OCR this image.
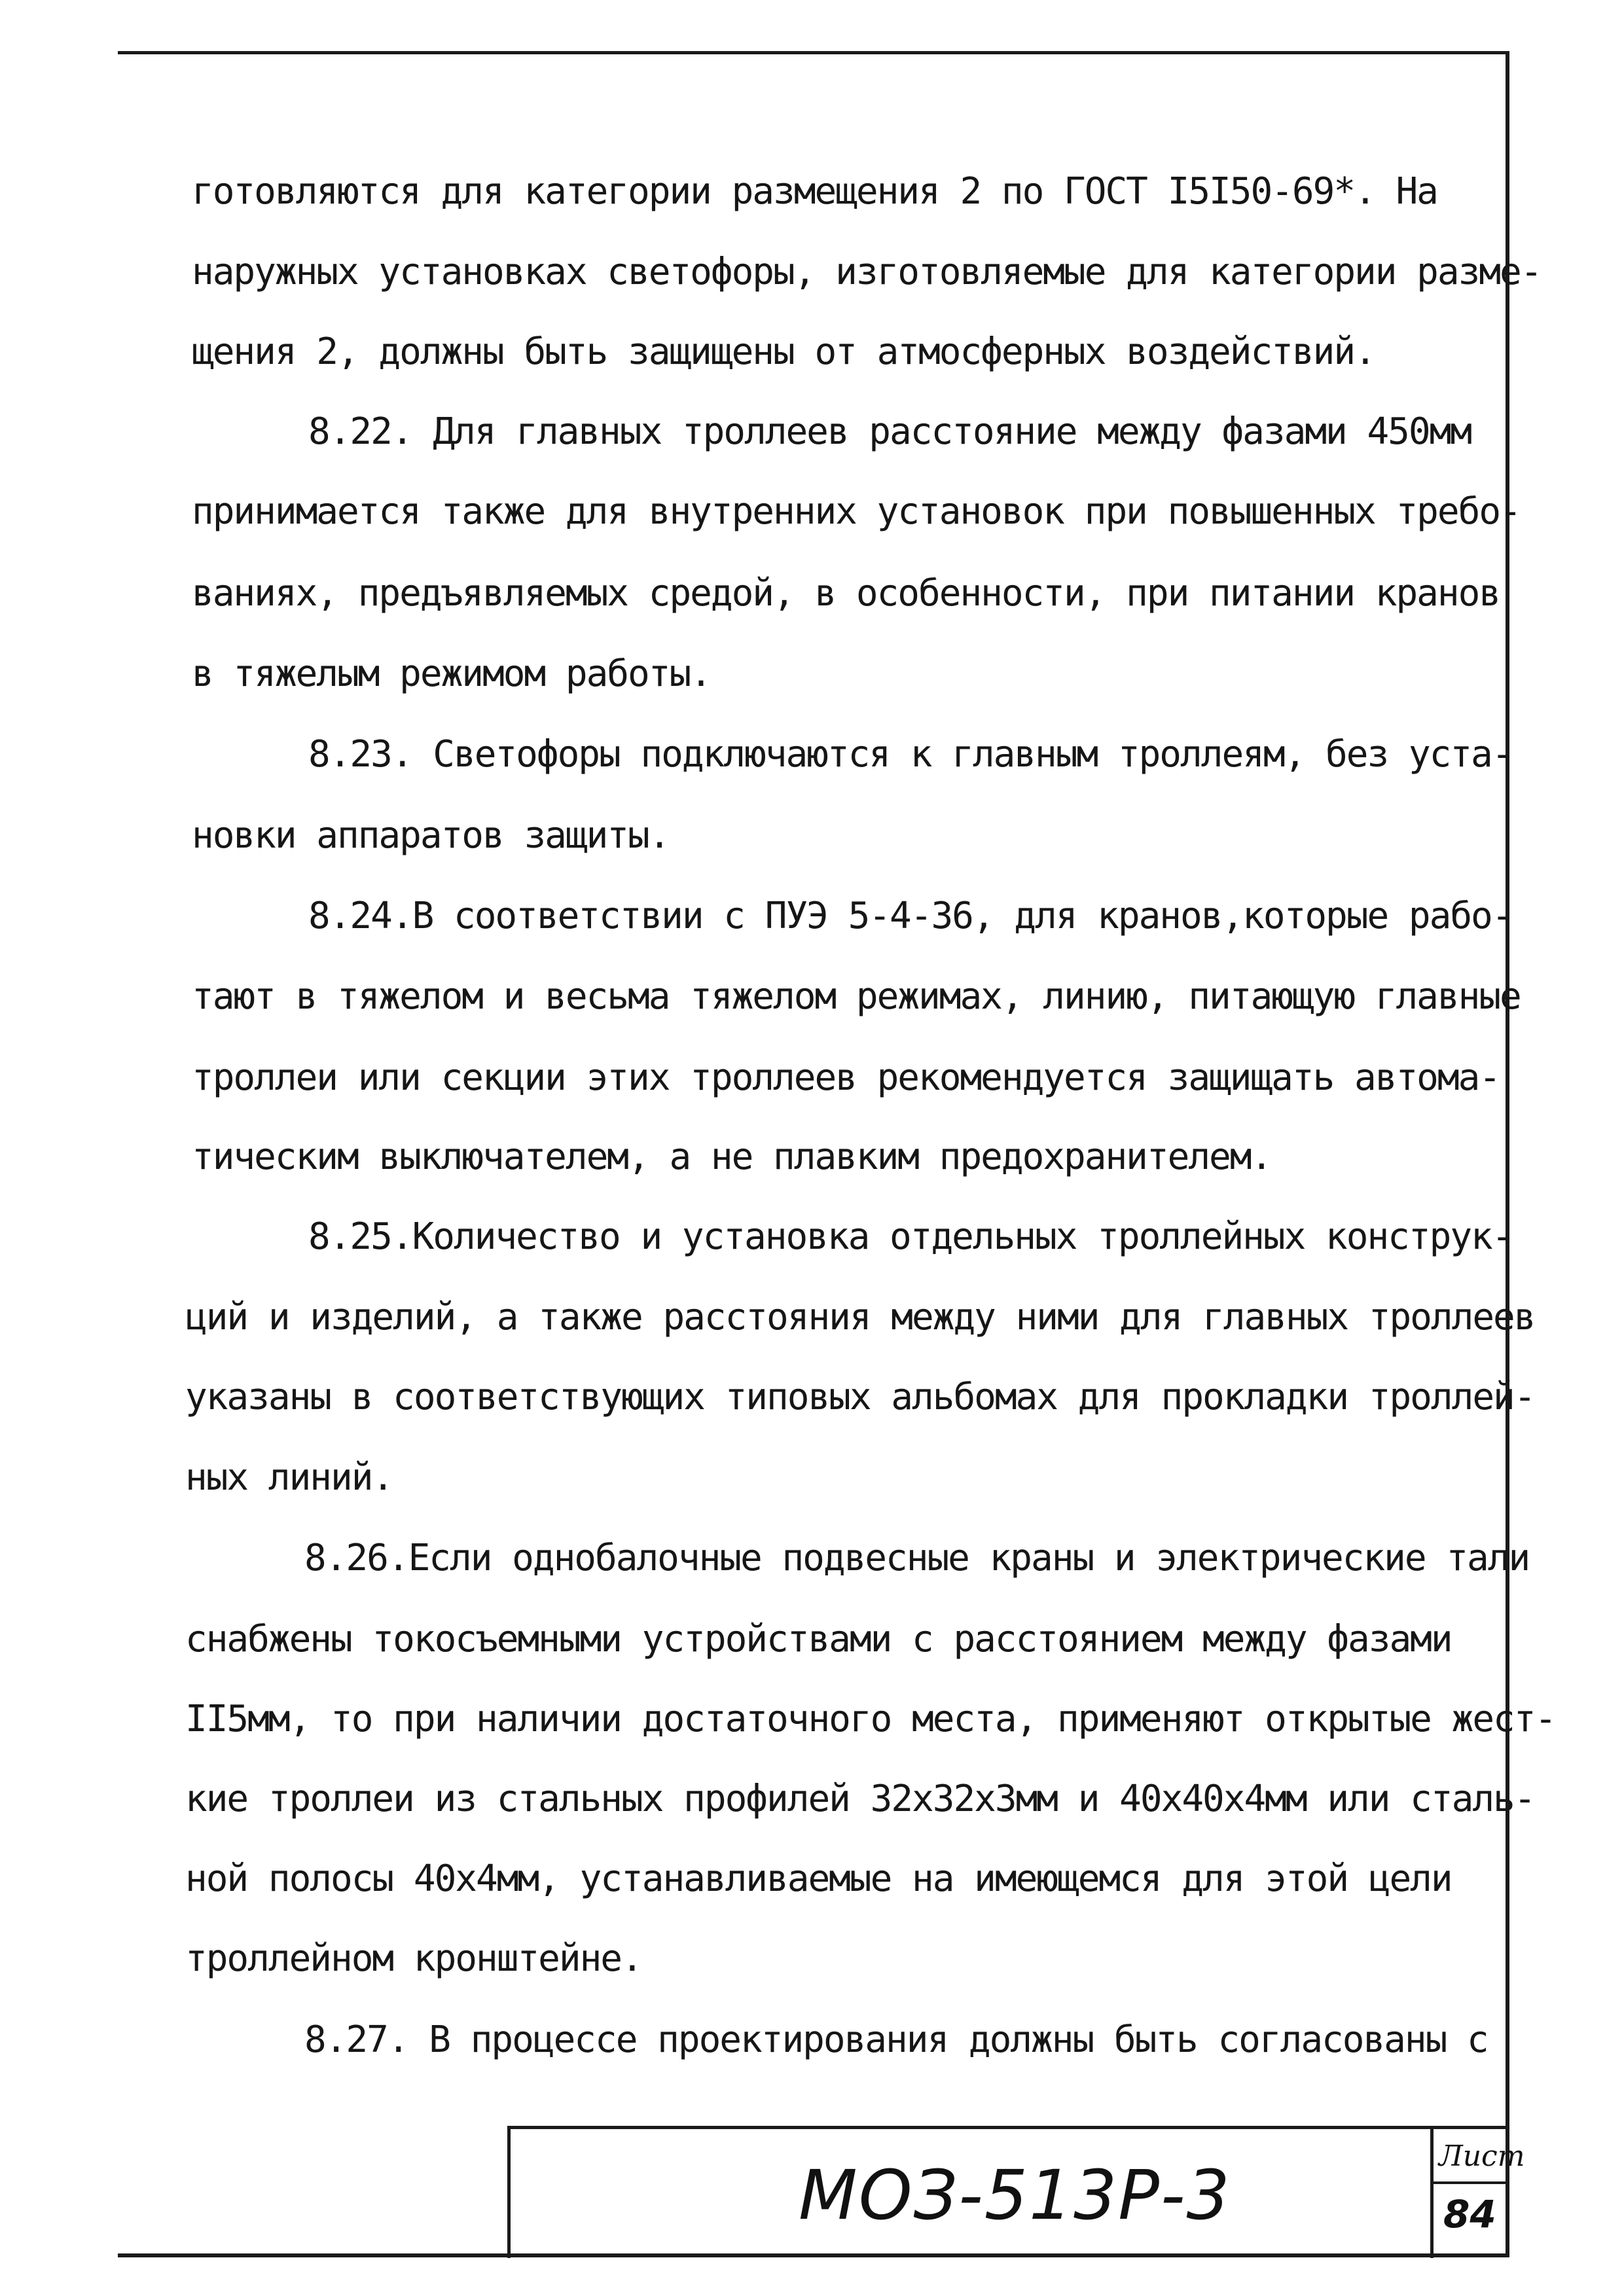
готовляются для категории размещения 2 по ГОСТ I5I50-69*. На
наружных установках светофоры, изготовляемые для категории разме-
щения 2, должны быть защищены от атмосферных воздействий.
8.22. Для главных троллеев расстояние между фазами 450мм
принимается также для внутренних установок при повышенных требо-
ваниях, предъявляемых средой, в особенности, при питании кранов
в тяжелым режимом работы.
8.23. Светофоры подключаются к главным троллеям, без уста-
новки аппаратов защиты.
8.24.В соответствии с ПУЭ 5-4-36, для кранов,которые рабо-
тают в тяжелом и весьма тяжелом режимах, линию, питающую главные
троллеи или секции этих троллеев рекомендуется защищать автома-
тическим выключателем, а не плавким предохранителем.
8.25.Количество и установка отдельных троллейных конструк-
ций и изделий, а также расстояния между ними для главных троллеев
указаны в соответствующих типовых альбомах для прокладки троллей-
ных линий.
8.26.Если однобалочные подвесные краны и электрические тали
снабжены токосъемными устройствами с расстоянием между фазами
II5мм, то при наличии достаточного места, применяют открытые жест-
кие троллеи из стальных профилей 32х32х3мм и 40х40х4мм или сталь-
ной полосы 40х4мм, устанавливаемые на имеющемся для этой цели
троллейном кронштейне.
8.27. В процессе проектирования должны быть согласованы с
МОЗ-513Р-3	Лист
84
